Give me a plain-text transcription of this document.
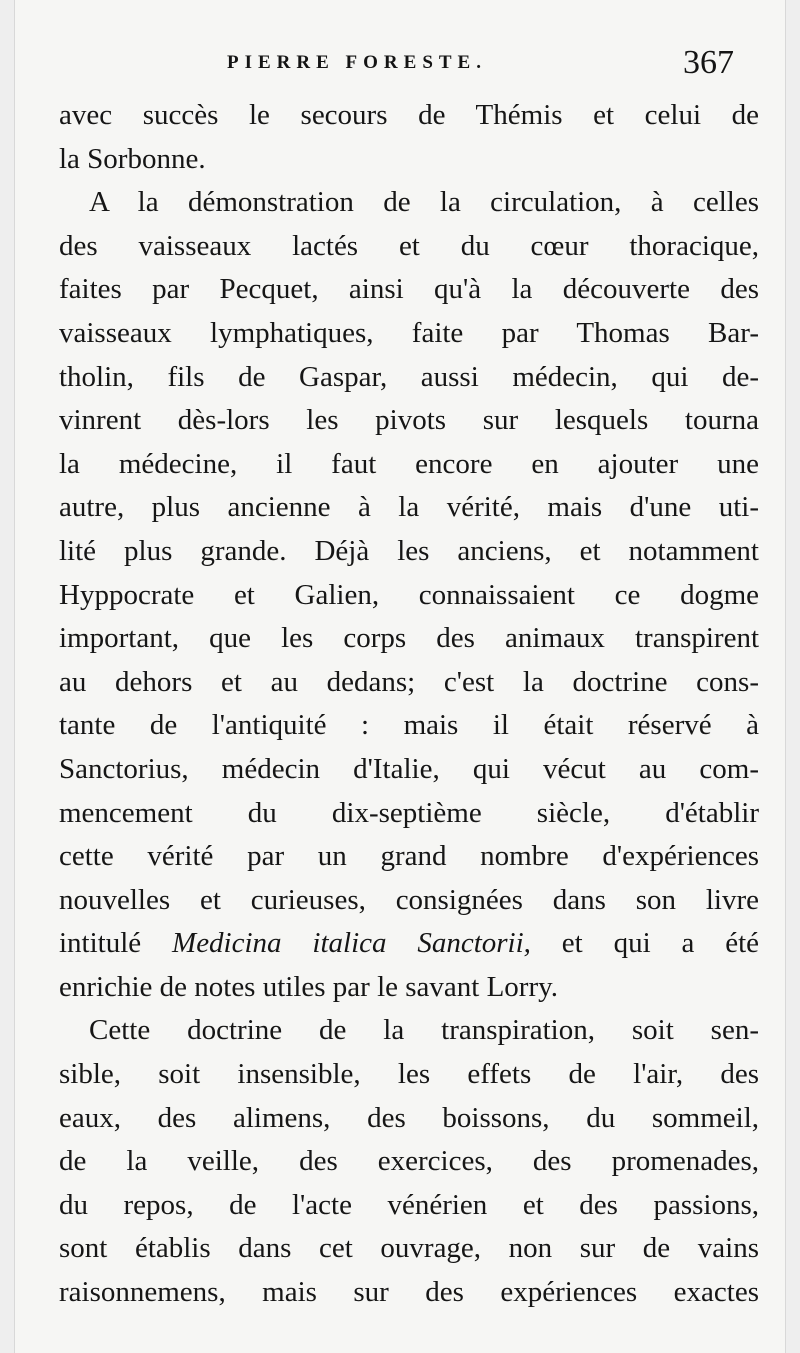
PIERRE FORESTE.	367
avec succès le secours de Thémis et celui de
la Sorbonne.
A la démonstration de la circulation, à celles
des vaisseaux lactés et du cœur thoracique,
faites par Pecquet, ainsi qu'à la découverte des
vaisseaux lymphatiques, faite par Thomas Bar-
tholin, fils de Gaspar, aussi médecin, qui de-
vinrent dès-lors les pivots sur lesquels tourna
la médecine, il faut encore en ajouter une
autre, plus ancienne à la vérité, mais d'une uti-
lité plus grande. Déjà les anciens, et notamment
Hyppocrate et Galien, connaissaient ce dogme
important, que les corps des animaux transpirent
au dehors et au dedans; c'est la doctrine cons-
tante de l'antiquité : mais il était réservé à
Sanctorius, médecin d'Italie, qui vécut au com-
mencement du dix-septième siècle, d'établir
cette vérité par un grand nombre d'expériences
nouvelles et curieuses, consignées dans son livre
intitulé Medicina italica Sanctorii, et qui a été
enrichie de notes utiles par le savant Lorry.
Cette doctrine de la transpiration, soit sen-
sible, soit insensible, les effets de l'air, des
eaux, des alimens, des boissons, du sommeil,
de la veille, des exercices, des promenades,
du repos, de l'acte vénérien et des passions,
sont établis dans cet ouvrage, non sur de vains
raisonnemens, mais sur des expériences exactes
